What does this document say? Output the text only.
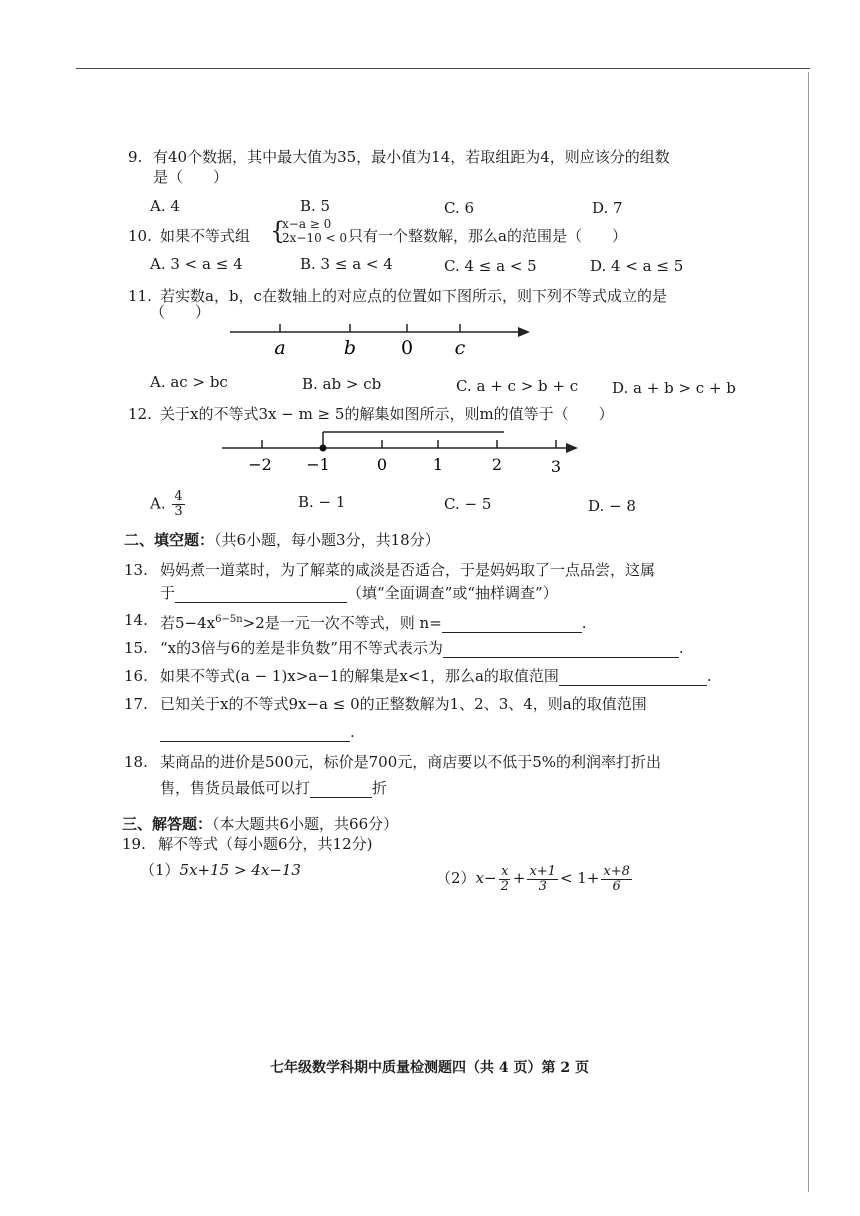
9. 有40个数据，其中最大值为35，最小值为14，若取组距为4，则应该分的组数
是（　　）
A. 4	B. 5	C. 6	D. 7
10. 如果不等式组 {
x−a ≥ 0
2x−10 < 0 只有一个整数解，那么a的范围是（　　）
A. 3 < a ≤ 4	B. 3 ≤ a < 4	C. 4 ≤ a < 5	D. 4 < a ≤ 5
11. 若实数a，b，c在数轴上的对应点的位置如下图所示，则下列不等式成立的是
（　　）
a	b 0 c
A. ac > bc	B. ab > cb	C. a + c > b + c D. a + b > c + b
12. 关于x的不等式3x − m ≥ 5的解集如图所示，则m的值等于（　　）
−2 −1	0	1	2	3
A. $\frac{4}{3}$	B. − 1	C. − 5	D. − 8
二、填空题：（共6小题，每小题3分，共18分）
13. 妈妈煮一道菜时，为了解菜的咸淡是否适合，于是妈妈取了一点品尝，这属
于	（填“全面调查”或“抽样调查”）
14. 若$5-4x^{6-5n}>2$是一元一次不等式，则 n=	.
15. “x的3倍与6的差是非负数”用不等式表示为	.
16. 如果不等式(a − 1)x>a−1的解集是x<1，那么a的取值范围	.
17. 已知关于x的不等式9x−a ≤ 0的正整数解为1、2、3、4，则a的取值范围
.
18. 某商品的进价是500元，标价是700元，商店要以不低于5%的利润率打折出
售，售货员最低可以打	折
三、解答题：（本大题共6小题，共66分）
19. 解不等式（每小题6分，共12分)
（1）5x+15 > 4x−13	$(2)x- \frac{x}{2} + \frac{x+1}{3} < 1+ \frac{x+8}{6}$
七年级数学科期中质量检测题四（共 4 页）第 2 页
